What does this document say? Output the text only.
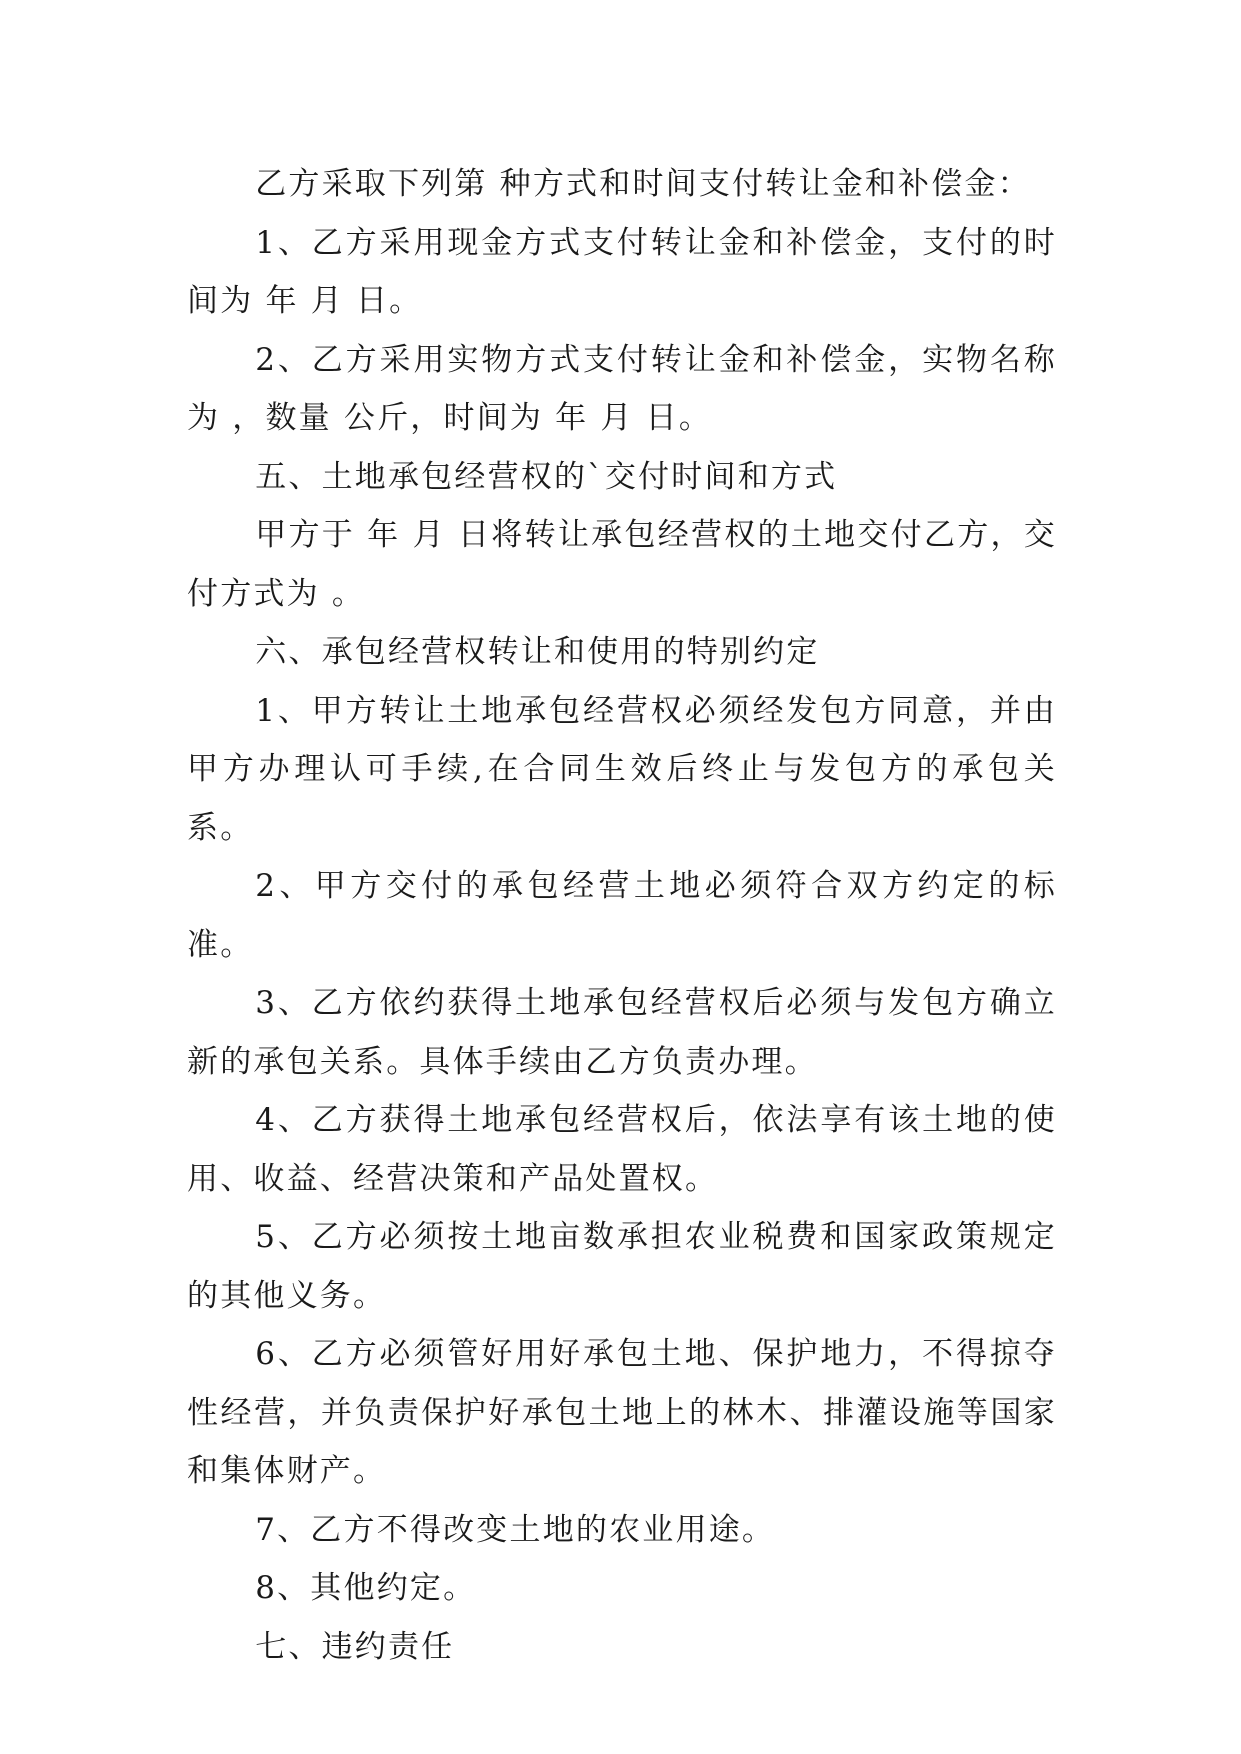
乙方采取下列第 种方式和时间支付转让金和补偿金：

1、乙方采用现金方式支付转让金和补偿金，支付的时间为 年 月 日。

2、乙方采用实物方式支付转让金和补偿金，实物名称为 ，数量 公斤，时间为 年 月 日。

五、土地承包经营权的`交付时间和方式

甲方于 年 月 日将转让承包经营权的土地交付乙方，交付方式为 。

六、承包经营权转让和使用的特别约定

1、甲方转让土地承包经营权必须经发包方同意，并由甲方办理认可手续,在合同生效后终止与发包方的承包关系。

2、甲方交付的承包经营土地必须符合双方约定的标准。

3、乙方依约获得土地承包经营权后必须与发包方确立新的承包关系。具体手续由乙方负责办理。

4、乙方获得土地承包经营权后，依法享有该土地的使用、收益、经营决策和产品处置权。

5、乙方必须按土地亩数承担农业税费和国家政策规定的其他义务。

6、乙方必须管好用好承包土地、保护地力，不得掠夺性经营，并负责保护好承包土地上的林木、排灌设施等国家和集体财产。

7、乙方不得改变土地的农业用途。

8、其他约定。

七、违约责任
